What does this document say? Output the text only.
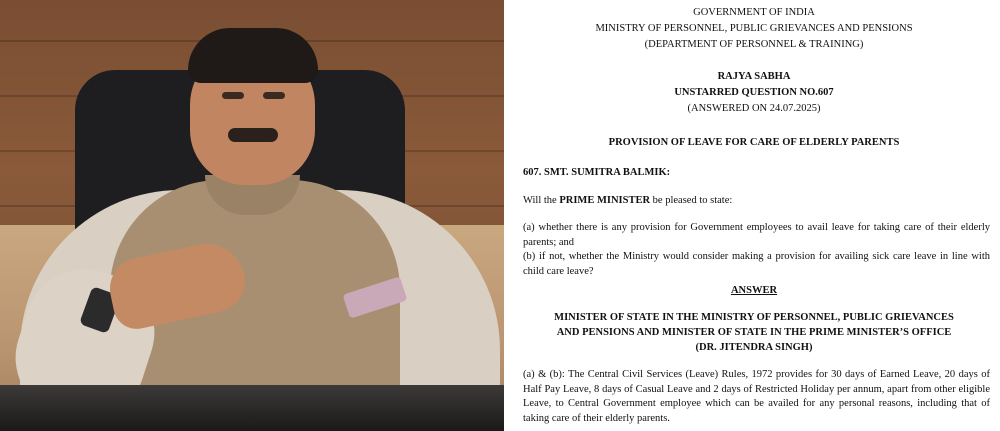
GOVERNMENT OF INDIA
MINISTRY OF PERSONNEL, PUBLIC GRIEVANCES AND PENSIONS
(DEPARTMENT OF PERSONNEL & TRAINING)
RAJYA SABHA
UNSTARRED QUESTION NO.607
(ANSWERED ON 24.07.2025)
PROVISION OF LEAVE FOR CARE OF ELDERLY PARENTS
607. SMT. SUMITRA BALMIK:
Will the PRIME MINISTER be pleased to state:
(a) whether there is any provision for Government employees to avail leave for taking care of their elderly parents; and
(b) if not, whether the Ministry would consider making a provision for availing sick care leave in line with child care leave?
ANSWER
MINISTER OF STATE IN THE MINISTRY OF PERSONNEL, PUBLIC GRIEVANCES
AND PENSIONS AND MINISTER OF STATE IN THE PRIME MINISTER’S OFFICE
(DR. JITENDRA SINGH)
(a) & (b): The Central Civil Services (Leave) Rules, 1972 provides for 30 days of Earned Leave, 20 days of Half Pay Leave, 8 days of Casual Leave and 2 days of Restricted Holiday per annum, apart from other eligible Leave, to Central Government employee which can be availed for any personal reasons, including that of taking care of their elderly parents.
